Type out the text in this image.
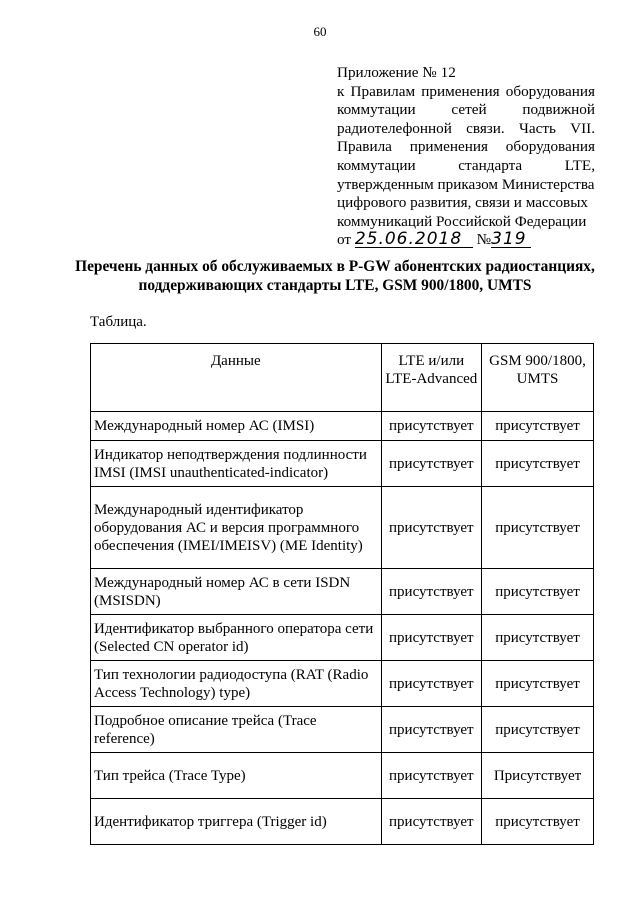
60
Приложение № 12
к Правилам применения оборудования
коммутации сетей подвижной
радиотелефонной связи. Часть VII.
Правила применения оборудования
коммутации стандарта LTE,
утвержденным приказом Министерства
цифрового развития, связи и массовых
коммуникаций Российской Федерации
от 25.06.2018 №319
Перечень данных об обслуживаемых в P-GW абонентских радиостанциях, поддерживающих стандарты LTE, GSM 900/1800, UMTS
Таблица.
Данные	LTE и/или LTE-Advanced	GSM 900/1800, UMTS
Международный номер АС (IMSI)	присутствует	присутствует
Индикатор неподтверждения подлинности IMSI (IMSI unauthenticated-indicator)	присутствует	присутствует
Международный идентификатор оборудования АС и версия программного обеспечения (IMEI/IMEISV) (ME Identity)	присутствует	присутствует
Международный номер АС в сети ISDN (MSISDN)	присутствует	присутствует
Идентификатор выбранного оператора сети (Selected CN operator id)	присутствует	присутствует
Тип технологии радиодоступа (RAT (Radio Access Technology) type)	присутствует	присутствует
Подробное описание трейса (Trace reference)	присутствует	присутствует
Тип трейса (Trace Type)	присутствует	Присутствует
Идентификатор триггера (Trigger id)	присутствует	присутствует
